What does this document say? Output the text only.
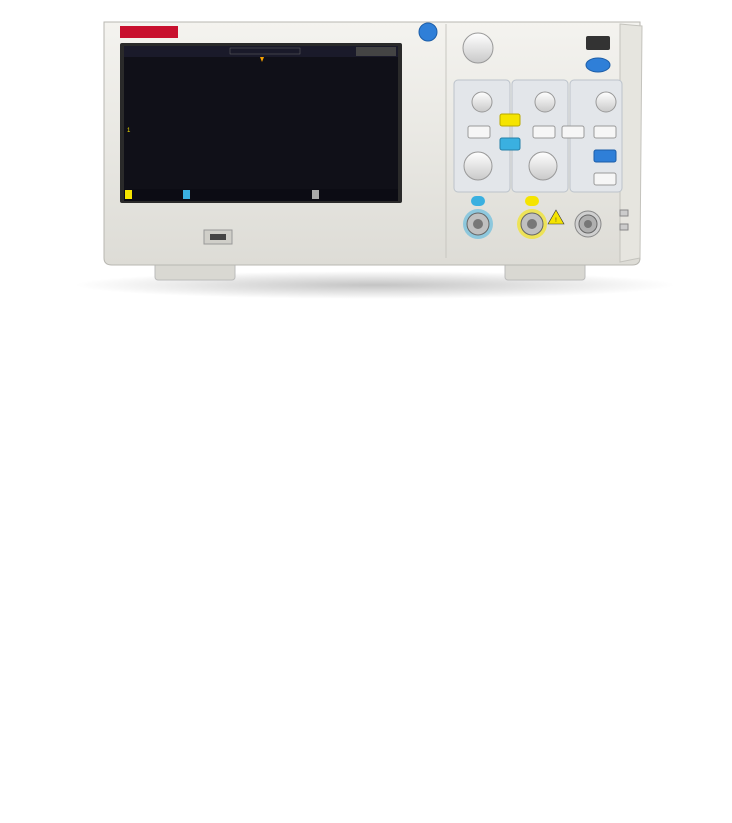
1
!
